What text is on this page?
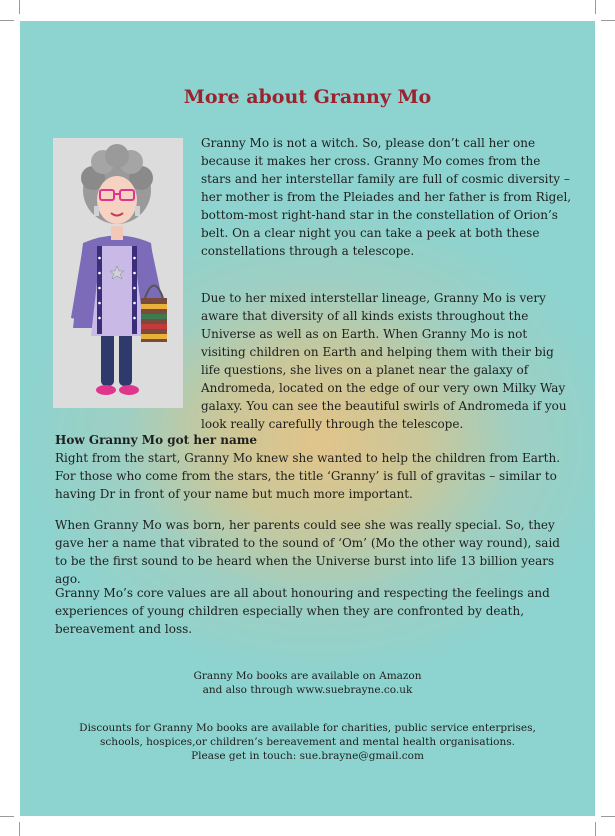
More about Granny Mo

Granny Mo is not a witch. So, please don’t call her one because it makes her cross. Granny Mo comes from the stars and her interstellar family are full of cosmic diversity – her mother is from the Pleiades and her father is from Rigel, bottom-most right-hand star in the constellation of Orion’s belt. On a clear night you can take a peek at both these constellations through a telescope.

Due to her mixed interstellar lineage, Granny Mo is very aware that diversity of all kinds exists throughout the Universe as well as on Earth. When Granny Mo is not visiting children on Earth and helping them with their big life questions, she lives on a planet near the galaxy of Andromeda, located on the edge of our very own Milky Way galaxy. You can see the beautiful swirls of Andromeda if you look really carefully through the telescope.

How Granny Mo got her name

Right from the start, Granny Mo knew she wanted to help the children from Earth. For those who come from the stars, the title ‘Granny’ is full of gravitas – similar to having Dr in front of your name but much more important.

When Granny Mo was born, her parents could see she was really special. So, they gave her a name that vibrated to the sound of ‘Om’ (Mo the other way round), said to be the first sound to be heard when the Universe burst into life 13 billion years ago.

Granny Mo’s core values are all about honouring and respecting the feelings and experiences of young children especially when they are confronted by death, bereavement and loss.

Granny Mo books are available on Amazon

and also through www.suebrayne.co.uk

Discounts for Granny Mo books are available for charities, public service enterprises,

schools, hospices,or children’s bereavement and mental health organisations.

Please get in touch: sue.brayne@gmail.com
